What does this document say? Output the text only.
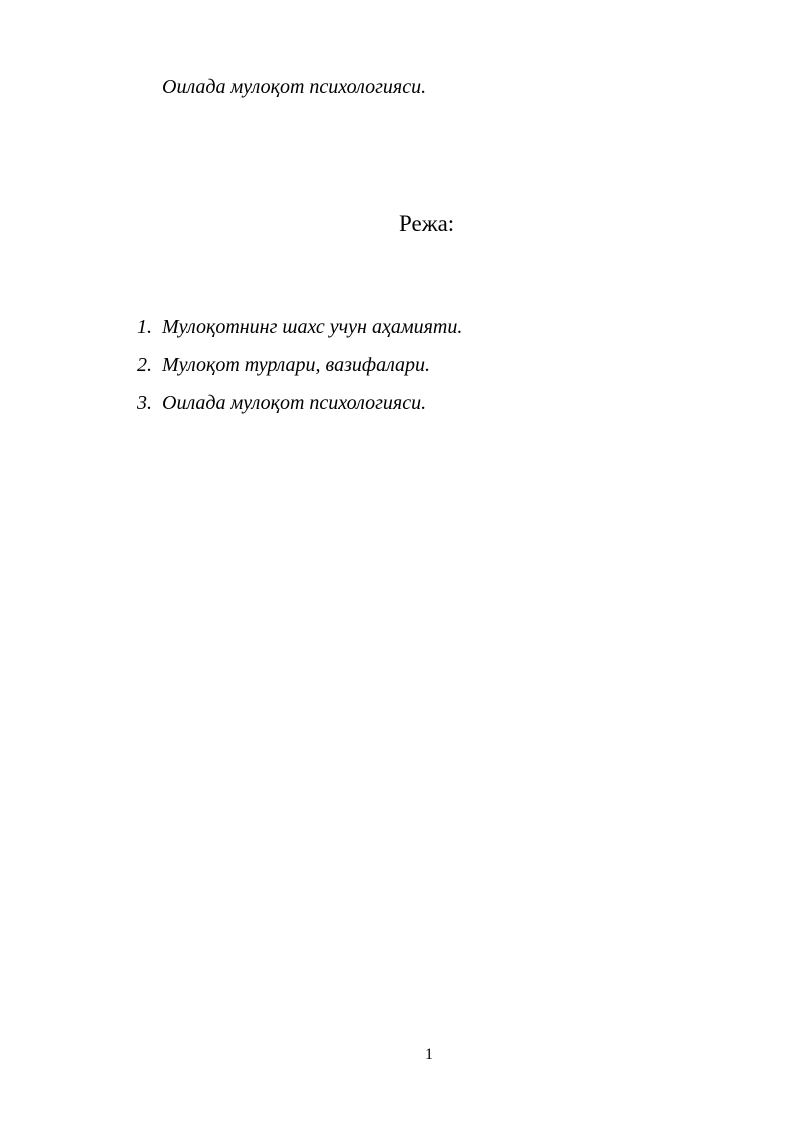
Оилада мулоқот психологияси.
Режа:
1. Мулоқотнинг шахс учун аҳамияти.
2. Мулоқот турлари, вазифалари.
3. Оилада мулоқот психологияси.
1
